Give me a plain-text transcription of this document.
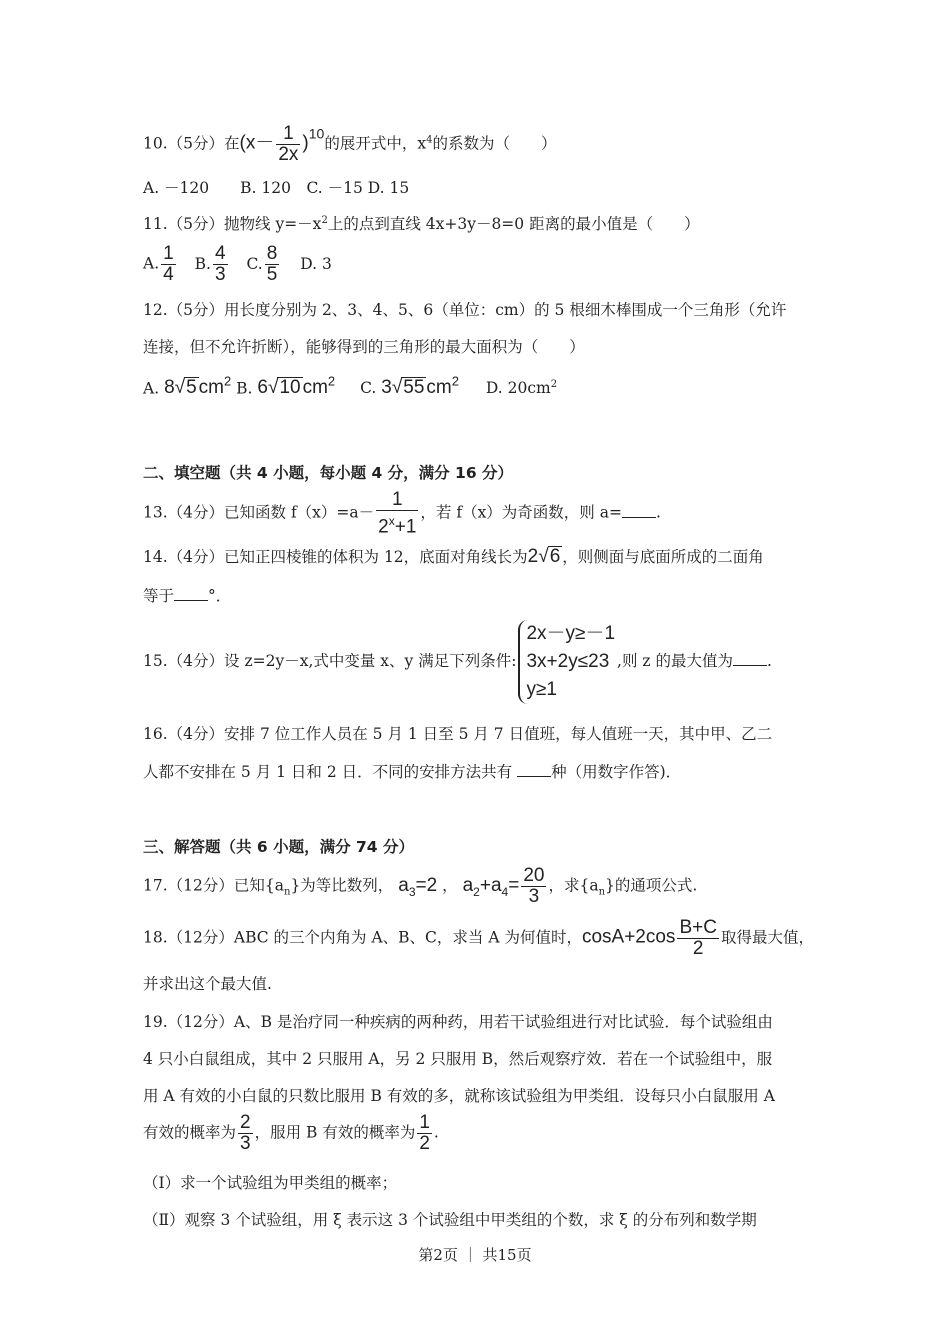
10.（5分）在$(x- \frac{1}{2x} )^{10}$的展开式中，$x^4$的系数为（　　）
A. －120　　B. 120　C. －15 D. 15
11.（5分）抛物线 $y=-x^2$上的点到直线 4x+3y－8=0 距离的最小值是（　　）
A. $\frac{1}{4} B$. $\frac{4}{3} C$. $\frac{8}{5} D$. 3
12.（5分）用长度分别为 2、3、4、5、6（单位：cm）的 5 根细木棒围成一个三角形（允许
连接，但不允许折断），能够得到的三角形的最大面积为（　　）
A. 8√5 $cm^2$ B. 6√10 $cm^2$ C. 3√55 $cm^2$ D. $20cm^2$
二、填空题（共 4 小题，每小题 4 分，满分 16 分）
13.（4分）已知函数 $f(x)=a- \frac{1}{2^x+1}$ ，若 f（x）为奇函数，则 a= .
14.（4分）已知正四棱锥的体积为 12，底面对角线长为2√6 ，则侧面与底面所成的二面角
等于 °．
15.（4分）设 z=2y－x,式中变量 x、y 满足下列条件:
2x－y≥－1
3x+2y≤23
y≥1
,则 z 的最大值为 .
16.（4分）安排 7 位工作人员在 5 月 1 日至 5 月 7 日值班，每人值班一天，其中甲、乙二
人都不安排在 5 月 1 日和 2 日．不同的安排方法共有	种（用数字作答)．
三、解答题（共 6 小题，满分 74 分）
17.（12分）已知$\{a_n\}$为等比数列， $a_3=2$ ， $a_2+a_4= \frac{20}{3}$ ，求$\{a_n\}$的通项公式.
18.（12分）ABC 的三个内角为 A、B、C，求当 A 为何值时，$\cos A+2\cos \frac{B+C}{2}$ 取得最大值，
并求出这个最大值.
19.（12分）A、B 是治疗同一种疾病的两种药，用若干试验组进行对比试验．每个试验组由
4 只小白鼠组成，其中 2 只服用 A，另 2 只服用 B，然后观察疗效．若在一个试验组中，服
用 A 有效的小白鼠的只数比服用 B 有效的多，就称该试验组为甲类组．设每只小白鼠服用 A
有效的概率为 $\frac{2}{3}$ ，服用 B 有效的概率为 $\frac{1}{2}$ .
（Ⅰ）求一个试验组为甲类组的概率；
（Ⅱ）观察 3 个试验组，用 ξ 表示这 3 个试验组中甲类组的个数，求 ξ 的分布列和数学期
第2页 ｜ 共15页
